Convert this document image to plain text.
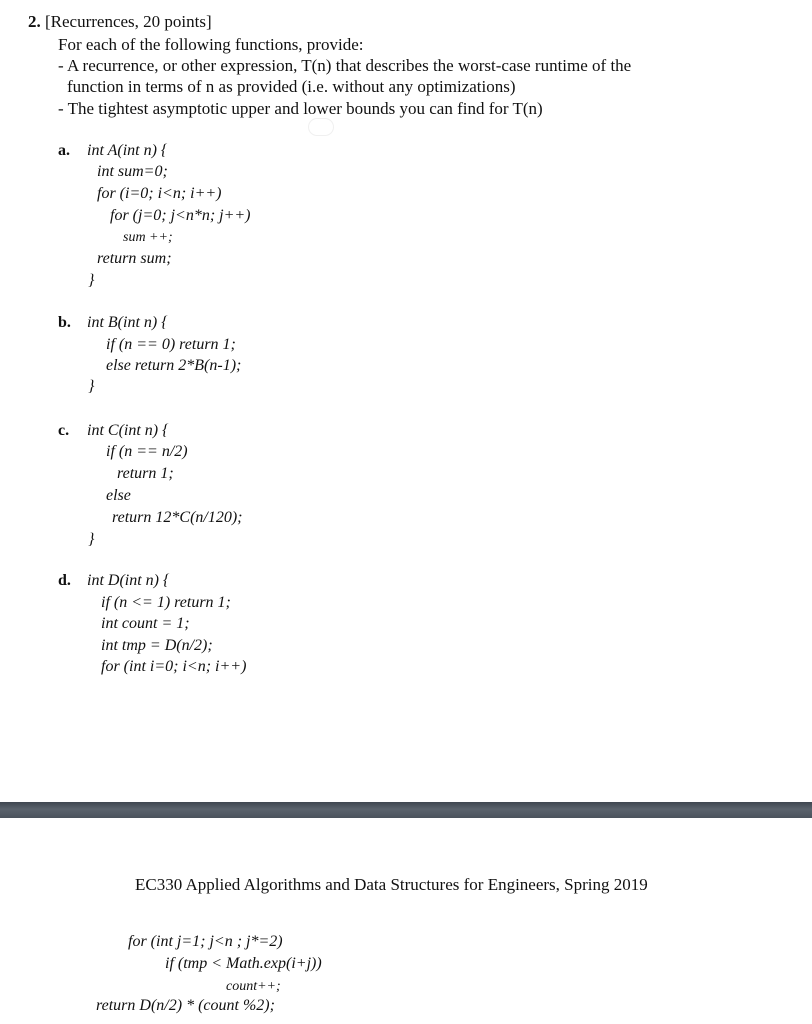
2. [Recurrences, 20 points]
For each of the following functions, provide:
- A recurrence, or other expression, T(n) that describes the worst-case runtime of the
function in terms of n as provided (i.e. without any optimizations)
- The tightest asymptotic upper and lower bounds you can find for T(n)
a. int A(int n) {
int sum=0;
for (i=0; i<n; i++)
for (j=0; j<n*n; j++)
sum ++;
return sum;
}
b. int B(int n) {
if (n == 0) return 1;
else return 2*B(n-1);
}
c. int C(int n) {
if (n == n/2)
return 1;
else
return 12*C(n/120);
}
d. int D(int n) {
if (n <= 1) return 1;
int count = 1;
int tmp = D(n/2);
for (int i=0; i<n; i++)
EC330 Applied Algorithms and Data Structures for Engineers, Spring 2019
for (int j=1; j<n ; j*=2)
if (tmp < Math.exp(i+j))
count++;
return D(n/2) * (count %2);
